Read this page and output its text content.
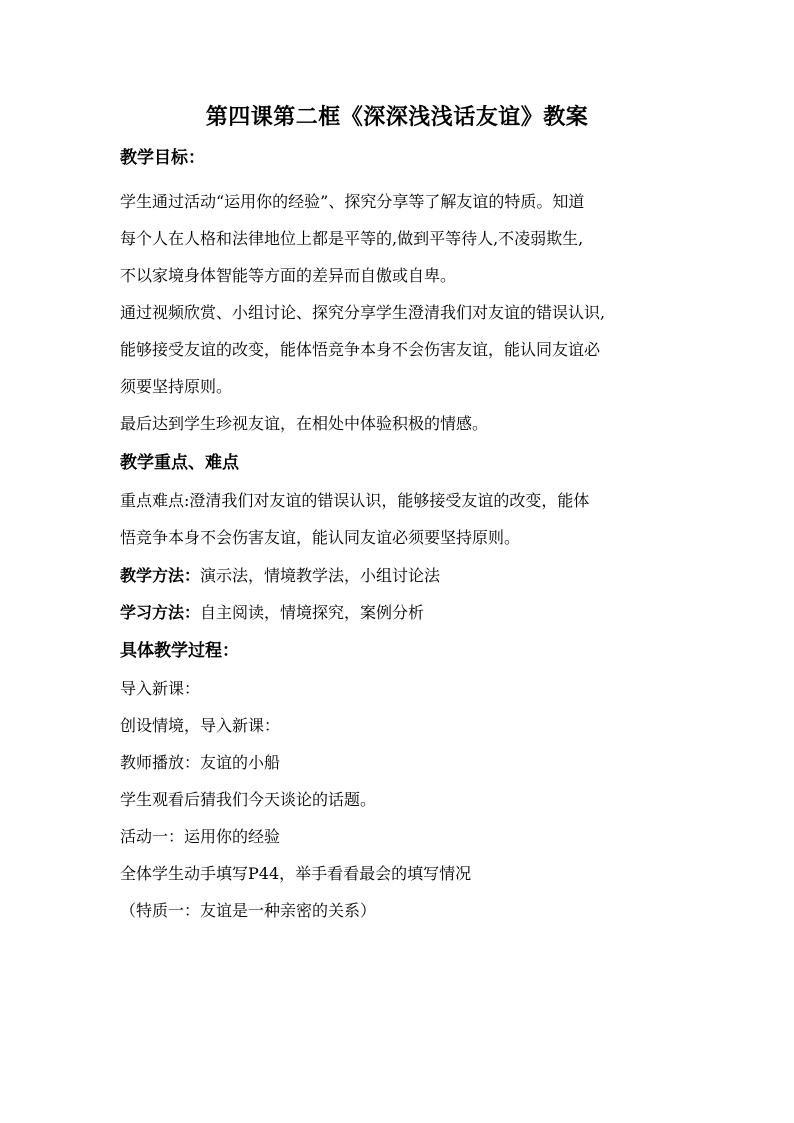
第四课第二框《深深浅浅话友谊》教案
教学目标：
学生通过活动“运用你的经验”、探究分享等了解友谊的特质。知道
每个人在人格和法律地位上都是平等的,做到平等待人,不凌弱欺生,
不以家境身体智能等方面的差异而自傲或自卑。
通过视频欣赏、小组讨论、探究分享学生澄清我们对友谊的错误认识,
能够接受友谊的改变，能体悟竞争本身不会伤害友谊，能认同友谊必
须要坚持原则。
最后达到学生珍视友谊，在相处中体验积极的情感。
教学重点、难点
重点难点:澄清我们对友谊的错误认识，能够接受友谊的改变，能体
悟竞争本身不会伤害友谊，能认同友谊必须要坚持原则。
教学方法：演示法，情境教学法，小组讨论法
学习方法：自主阅读，情境探究，案例分析
具体教学过程：
导入新课：
创设情境，导入新课：
教师播放：友谊的小船
学生观看后猜我们今天谈论的话题。
活动一：运用你的经验
全体学生动手填写P44，举手看看最会的填写情况
（特质一：友谊是一种亲密的关系）
